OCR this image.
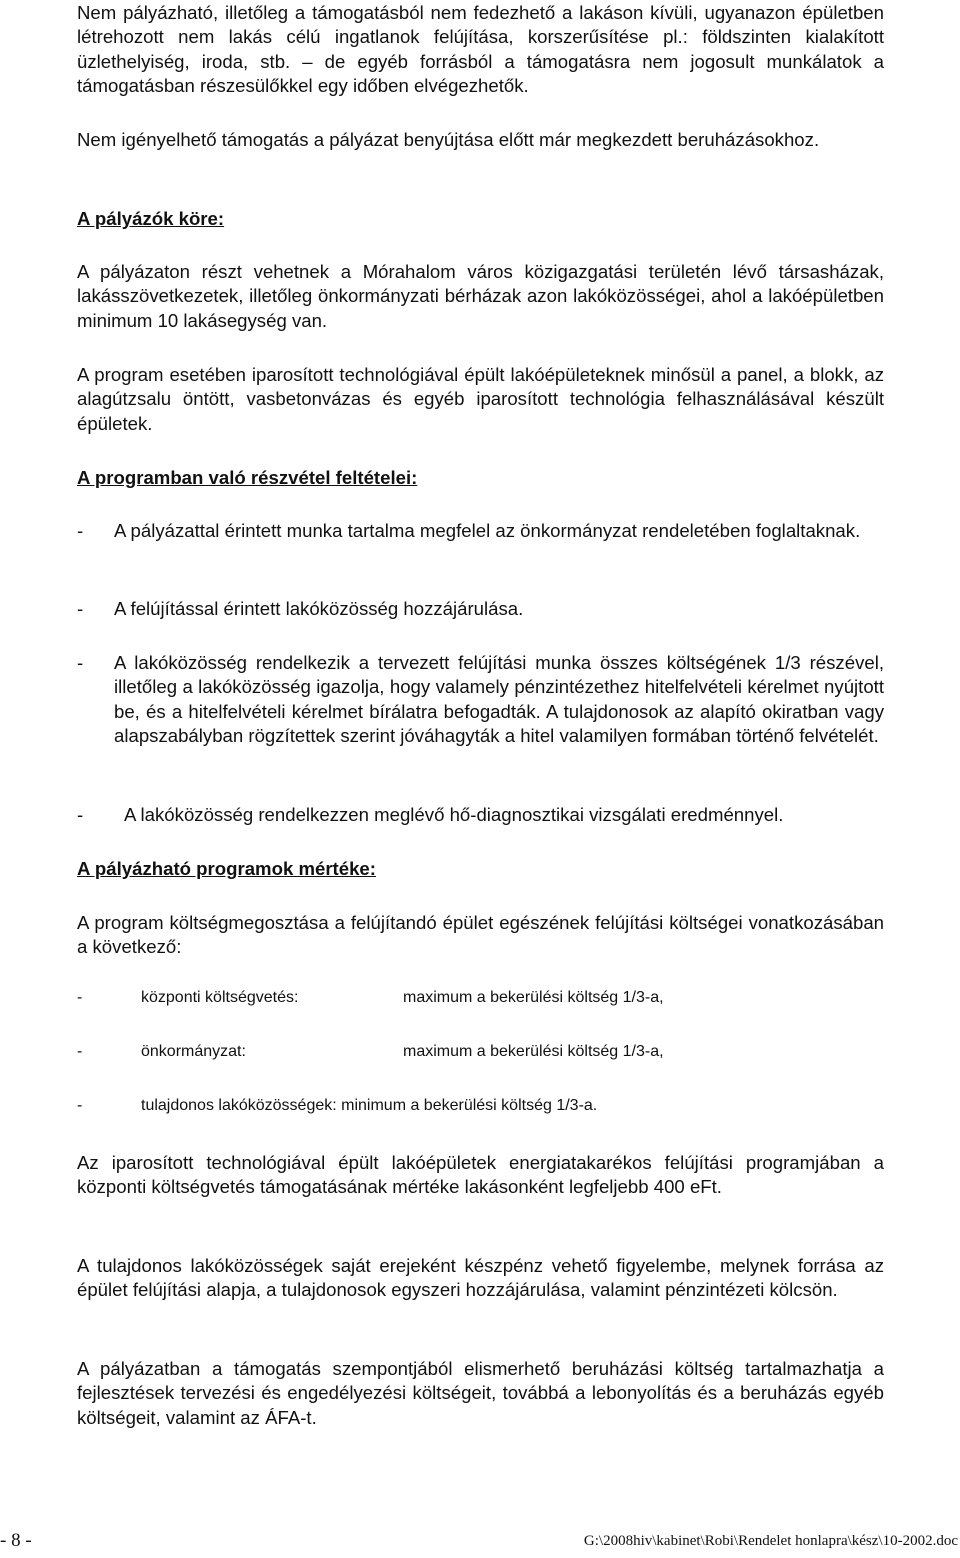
Nem pályázható, illetőleg a támogatásból nem fedezhető a lakáson kívüli, ugyanazon épületben létrehozott nem lakás célú ingatlanok felújítása, korszerűsítése pl.: földszinten kialakított üzlethelyiség, iroda, stb. – de egyéb forrásból a támogatásra nem jogosult munkálatok a támogatásban részesülőkkel egy időben elvégezhetők.

Nem igényelhető támogatás a pályázat benyújtása előtt már megkezdett beruházásokhoz.

A pályázók köre:

A pályázaton részt vehetnek a Mórahalom város közigazgatási területén lévő társasházak, lakásszövetkezetek, illetőleg önkormányzati bérházak azon lakóközösségei, ahol a lakóépületben minimum 10 lakásegység van.

A program esetében iparosított technológiával épült lakóépületeknek minősül a panel, a blokk, az alagútzsalu öntött, vasbetonvázas és egyéb iparosított technológia felhasználásával készült épületek.

A programban való részvétel feltételei:
- A pályázattal érintett munka tartalma megfelel az önkormányzat rendeletében foglaltaknak.
- A felújítással érintett lakóközösség hozzájárulása.
- A lakóközösség rendelkezik a tervezett felújítási munka összes költségének 1/3 részével, illetőleg a lakóközösség igazolja, hogy valamely pénzintézethez hitelfelvételi kérelmet nyújtott be, és a hitelfelvételi kérelmet bírálatra befogadták. A tulajdonosok az alapító okiratban vagy alapszabályban rögzítettek szerint jóváhagyták a hitel valamilyen formában történő felvételét.
- A lakóközösség rendelkezzen meglévő hő-diagnosztikai vizsgálati eredménnyel.
A pályázható programok mértéke:

A program költségmegosztása a felújítandó épület egészének felújítási költségei vonatkozásában a következő:

-	központi költségvetés:	maximum a bekerülési költség 1/3-a,
-	önkormányzat:	maximum a bekerülési költség 1/3-a,
-	tulajdonos lakóközösségek: minimum a bekerülési költség 1/3-a.

Az iparosított technológiával épült lakóépületek energiatakarékos felújítási programjában a központi költségvetés támogatásának mértéke lakásonként legfeljebb 400 eFt.

A tulajdonos lakóközösségek saját erejeként készpénz vehető figyelembe, melynek forrása az épület felújítási alapja, a tulajdonosok egyszeri hozzájárulása, valamint pénzintézeti kölcsön.

A pályázatban a támogatás szempontjából elismerhető beruházási költség tartalmazhatja a fejlesztések tervezési és engedélyezési költségeit, továbbá a lebonyolítás és a beruházás egyéb költségeit, valamint az ÁFA-t.

- 8 -	G:\2008hiv\kabinet\Robi\Rendelet honlapra\kész\10-2002.doc
